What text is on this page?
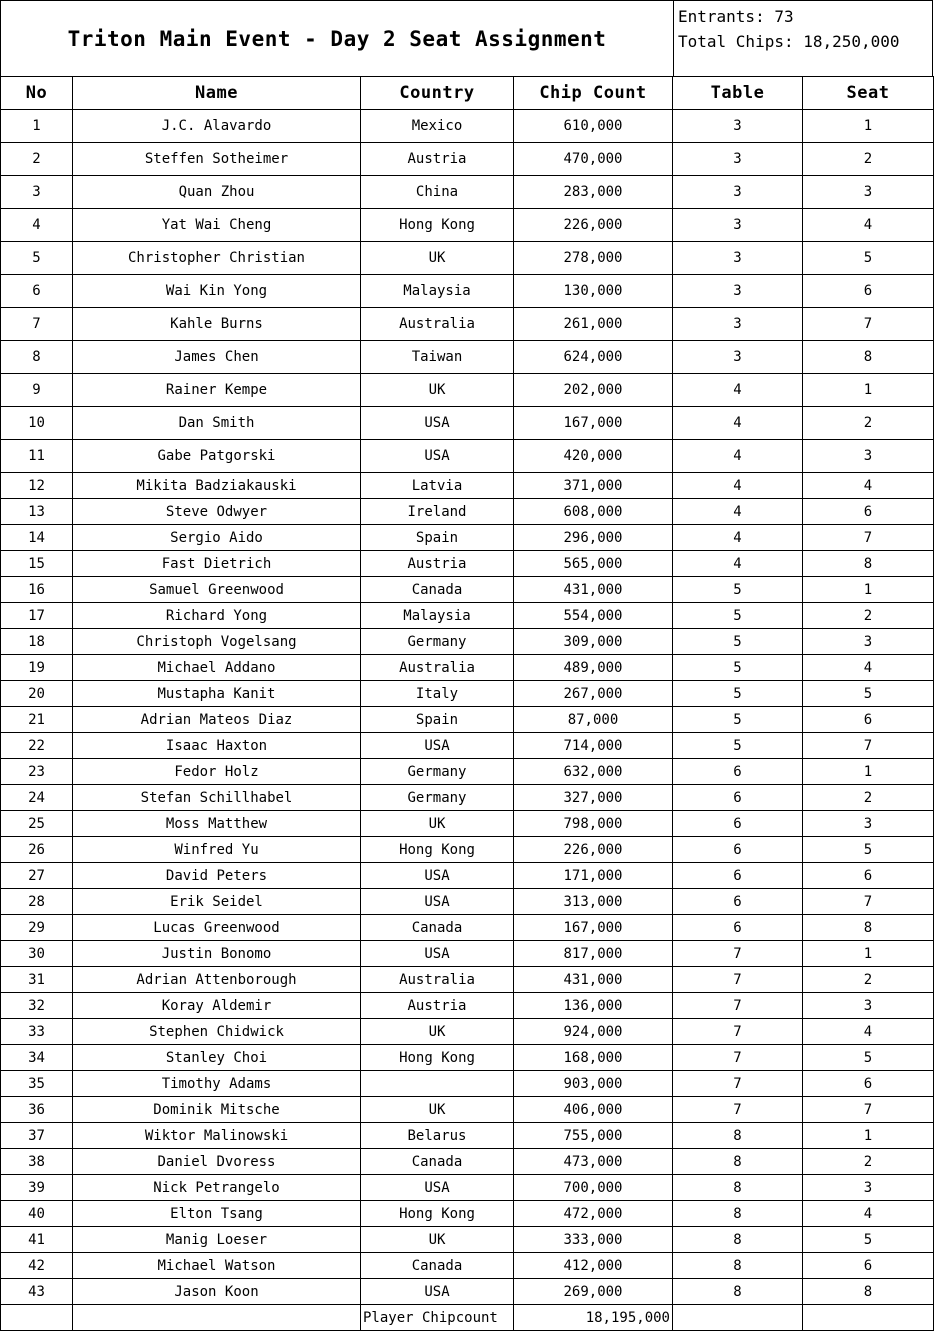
Triton Main Event - Day 2 Seat Assignment
Entrants: 73
Total Chips: 18,250,000
No	Name	Country	Chip Count	Table	Seat
1	J.C. Alavardo	Mexico	610,000	3	1
2	Steffen Sotheimer	Austria	470,000	3	2
3	Quan Zhou	China	283,000	3	3
4	Yat Wai Cheng	Hong Kong	226,000	3	4
5	Christopher Christian	UK	278,000	3	5
6	Wai Kin Yong	Malaysia	130,000	3	6
7	Kahle Burns	Australia	261,000	3	7
8	James Chen	Taiwan	624,000	3	8
9	Rainer Kempe	UK	202,000	4	1
10	Dan Smith	USA	167,000	4	2
11	Gabe Patgorski	USA	420,000	4	3
12	Mikita Badziakauski	Latvia	371,000	4	4
13	Steve Odwyer	Ireland	608,000	4	6
14	Sergio Aido	Spain	296,000	4	7
15	Fast Dietrich	Austria	565,000	4	8
16	Samuel Greenwood	Canada	431,000	5	1
17	Richard Yong	Malaysia	554,000	5	2
18	Christoph Vogelsang	Germany	309,000	5	3
19	Michael Addano	Australia	489,000	5	4
20	Mustapha Kanit	Italy	267,000	5	5
21	Adrian Mateos Diaz	Spain	87,000	5	6
22	Isaac Haxton	USA	714,000	5	7
23	Fedor Holz	Germany	632,000	6	1
24	Stefan Schillhabel	Germany	327,000	6	2
25	Moss Matthew	UK	798,000	6	3
26	Winfred Yu	Hong Kong	226,000	6	5
27	David Peters	USA	171,000	6	6
28	Erik Seidel	USA	313,000	6	7
29	Lucas Greenwood	Canada	167,000	6	8
30	Justin Bonomo	USA	817,000	7	1
31	Adrian Attenborough	Australia	431,000	7	2
32	Koray Aldemir	Austria	136,000	7	3
33	Stephen Chidwick	UK	924,000	7	4
34	Stanley Choi	Hong Kong	168,000	7	5
35	Timothy Adams		903,000	7	6
36	Dominik Mitsche	UK	406,000	7	7
37	Wiktor Malinowski	Belarus	755,000	8	1
38	Daniel Dvoress	Canada	473,000	8	2
39	Nick Petrangelo	USA	700,000	8	3
40	Elton Tsang	Hong Kong	472,000	8	4
41	Manig Loeser	UK	333,000	8	5
42	Michael Watson	Canada	412,000	8	6
43	Jason Koon	USA	269,000	8	8
		Player Chipcount	18,195,000		
